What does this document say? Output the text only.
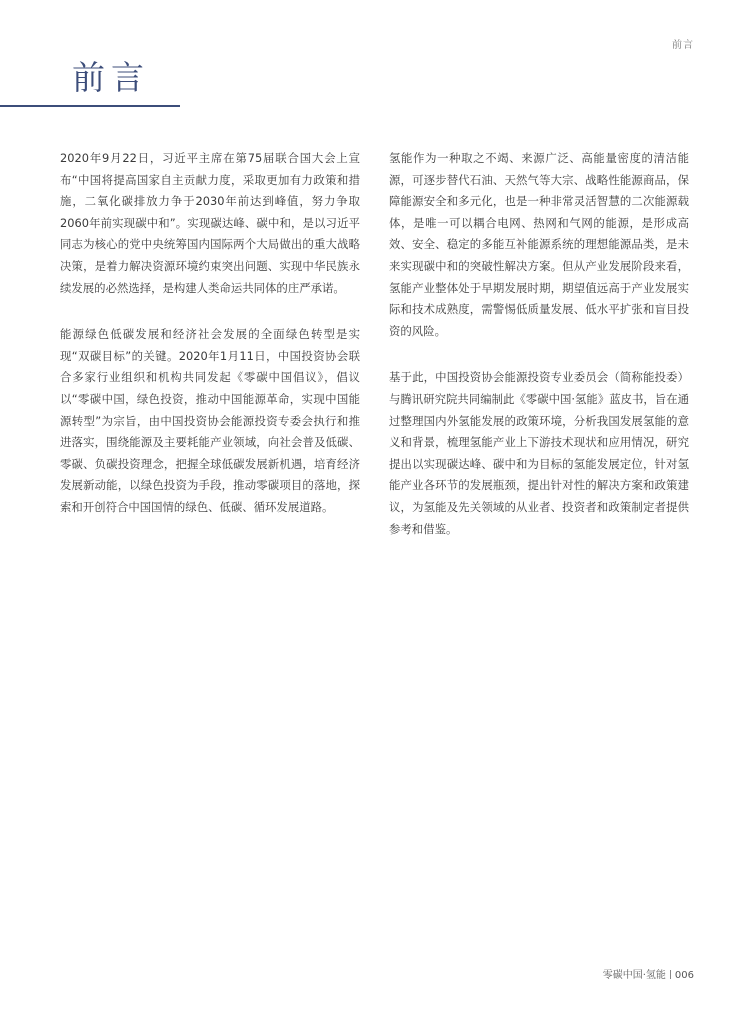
前言
前言

2020年9月22日，习近平主席在第75届联合国大会上宣布“中国将提高国家自主贡献力度，采取更加有力政策和措施，二氧化碳排放力争于2030年前达到峰值，努力争取2060年前实现碳中和”。实现碳达峰、碳中和，是以习近平同志为核心的党中央统筹国内国际两个大局做出的重大战略决策，是着力解决资源环境约束突出问题、实现中华民族永续发展的必然选择，是构建人类命运共同体的庄严承诺。

能源绿色低碳发展和经济社会发展的全面绿色转型是实现“双碳目标”的关键。2020年1月11日，中国投资协会联合多家行业组织和机构共同发起《零碳中国倡议》，倡议以“零碳中国，绿色投资，推动中国能源革命，实现中国能源转型”为宗旨，由中国投资协会能源投资专委会执行和推进落实，围绕能源及主要耗能产业领域，向社会普及低碳、零碳、负碳投资理念，把握全球低碳发展新机遇，培育经济发展新动能，以绿色投资为手段，推动零碳项目的落地，探索和开创符合中国国情的绿色、低碳、循环发展道路。

氢能作为一种取之不竭、来源广泛、高能量密度的清洁能源，可逐步替代石油、天然气等大宗、战略性能源商品，保障能源安全和多元化，也是一种非常灵活智慧的二次能源载体，是唯一可以耦合电网、热网和气网的能源，是形成高效、安全、稳定的多能互补能源系统的理想能源品类，是未来实现碳中和的突破性解决方案。但从产业发展阶段来看，氢能产业整体处于早期发展时期，期望值远高于产业发展实际和技术成熟度，需警惕低质量发展、低水平扩张和盲目投资的风险。

基于此，中国投资协会能源投资专业委员会（简称能投委）与腾讯研究院共同编制此《零碳中国·氢能》蓝皮书，旨在通过整理国内外氢能发展的政策环境，分析我国发展氢能的意义和背景，梳理氢能产业上下游技术现状和应用情况，研究提出以实现碳达峰、碳中和为目标的氢能发展定位，针对氢能产业各环节的发展瓶颈，提出针对性的解决方案和政策建议，为氢能及先关领域的从业者、投资者和政策制定者提供参考和借鉴。

零碳中国·氢能 006
